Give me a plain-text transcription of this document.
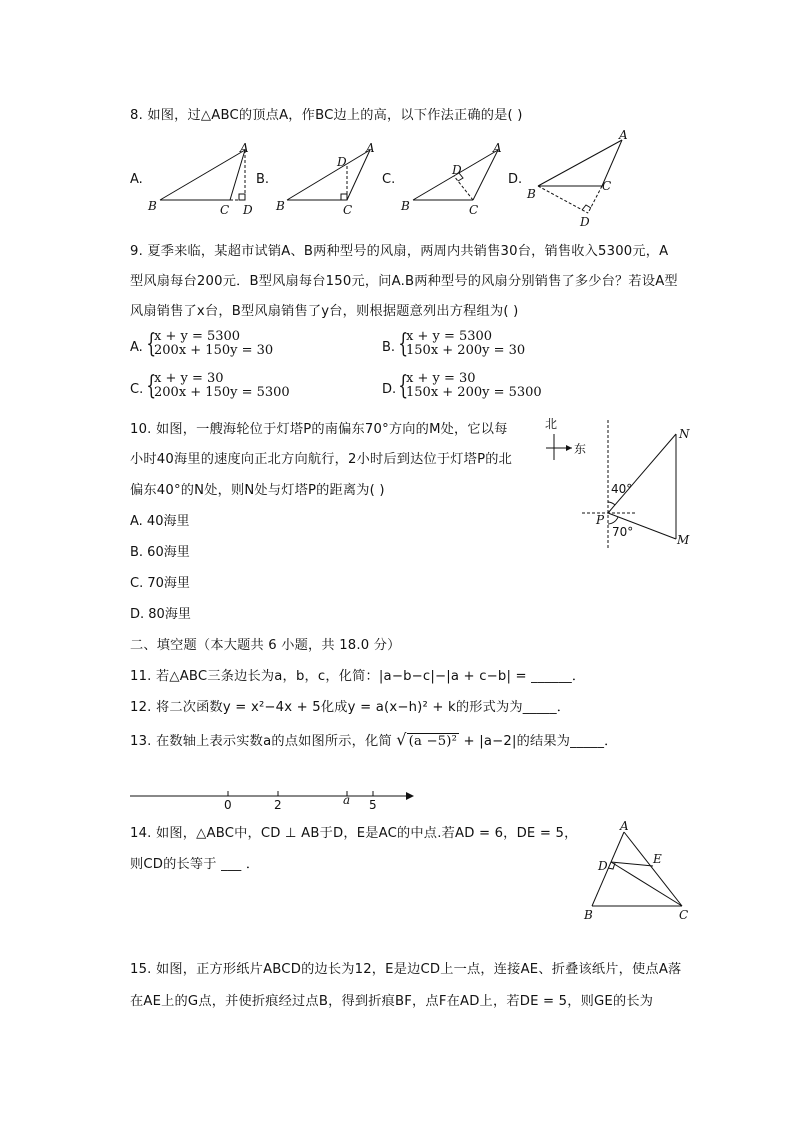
8. 如图，过△ABC的顶点A，作BC边上的高，以下作法正确的是( )
A.	B.	C.	D.
A
B	C D
A
B	C
D
A
B	C
D
A
B
C
D
9. 夏季来临，某超市试销A、B两种型号的风扇，两周内共销售30台，销售收入5300元，A
型风扇每台200元．B型风扇每台150元，问A.B两种型号的风扇分别销售了多少台？若设A型
风扇销售了x台，B型风扇销售了y台，则根据题意列出方程组为( )
A. {
x + y = 5300
200x + 150y = 30	B. {
x + y = 5300
150x + 200y = 30
C. {
x + y = 30
200x + 150y = 5300	D. {
x + y = 30
150x + 200y = 5300
10. 如图，一艘海轮位于灯塔P的南偏东70°方向的M处，它以每
小时40海里的速度向正北方向航行，2小时后到达位于灯塔P的北
偏东40°的N处，则N处与灯塔P的距离为( )
A. 40海里
B. 60海里
C. 70海里
D. 80海里
北
东
40°
70°
P
N
M
二、填空题（本大题共 6 小题，共 18.0 分）
11. 若△ABC三条边长为a，b，c，化简：|a−b−c|−|a + c−b| = ______．
12. 将二次函数y = x²−4x + 5化成y = a(x−h)² + k的形式为为_____．
13. 在数轴上表示实数a的点如图所示，化简 √ (a −5)² + |a−2|的结果为_____．
0	2	a 5
14. 如图，△ABC中，CD ⊥ AB于D，E是AC的中点.若AD = 6，DE = 5，
则CD的长等于 ___ ．
A
B	C
D	E
15. 如图，正方形纸片ABCD的边长为12，E是边CD上一点，连接AE、折叠该纸片，使点A落
在AE上的G点，并使折痕经过点B，得到折痕BF，点F在AD上，若DE = 5，则GE的长为
